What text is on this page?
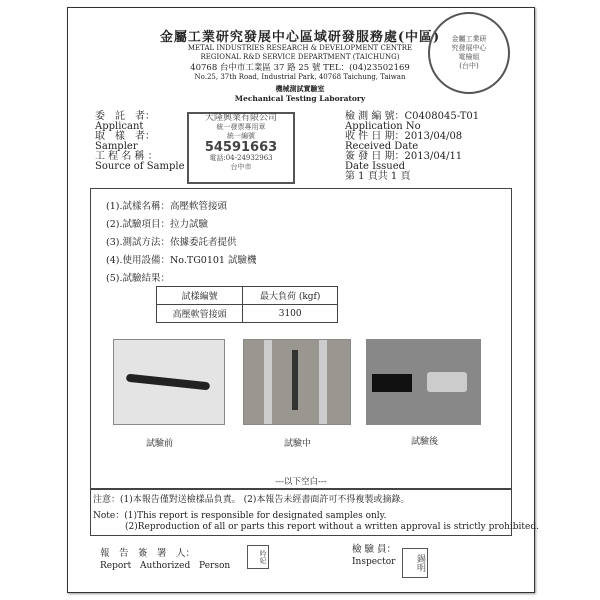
金屬工業研究發展中心區域研發服務處(中區)
METAL INDUSTRIES RESEARCH & DEVELOPMENT CENTRE
REGIONAL R&D SERVICE DEPARTMENT (TAICHUNG)
40768 台中市工業區 37 路 25 號 TEL：(04)23502169
No.25, 37th Road, Industrial Park, 40768 Taichung, Taiwan
機械測試實驗室
Mechanical Testing Laboratory
金屬工業研究發展中心
電檢組
(台中)
委　託　者：
Applicant
取　樣　者：
Sampler
工 程 名 稱 ：
Source of Sample
大隆興業有限公司
統一發票專用章
統一編號
54591663
電話:04-24932963
台中市
檢 測 編 號：C0408045-T01
Application No
收 件 日 期：2013/04/08
Received Date
簽 發 日 期：2013/04/11
Date Issued
第 1 頁共 1 頁
(1).試樣名稱：高壓軟管接頭
(2).試驗項目：拉力試驗
(3).測試方法：依據委託者提供
(4).使用設備：No.TG0101 試驗機
(5).試驗結果：
試樣編號	最大負荷 (kgf)
高壓軟管接頭	3100
試驗前	試驗中	試驗後
---以下空白---
注意：(1)本報告僅對送檢樣品負責。 (2)本報告未經書面許可不得複製或摘錄。
Note：(1)This report is responsible for designated samples only.
(2)Reproduction of all or parts this report without a written approval is strictly prohibited.
報　告　簽　署　人：
Report Authorized Person
吟妃
檢 驗 員：
Inspector	錫明
